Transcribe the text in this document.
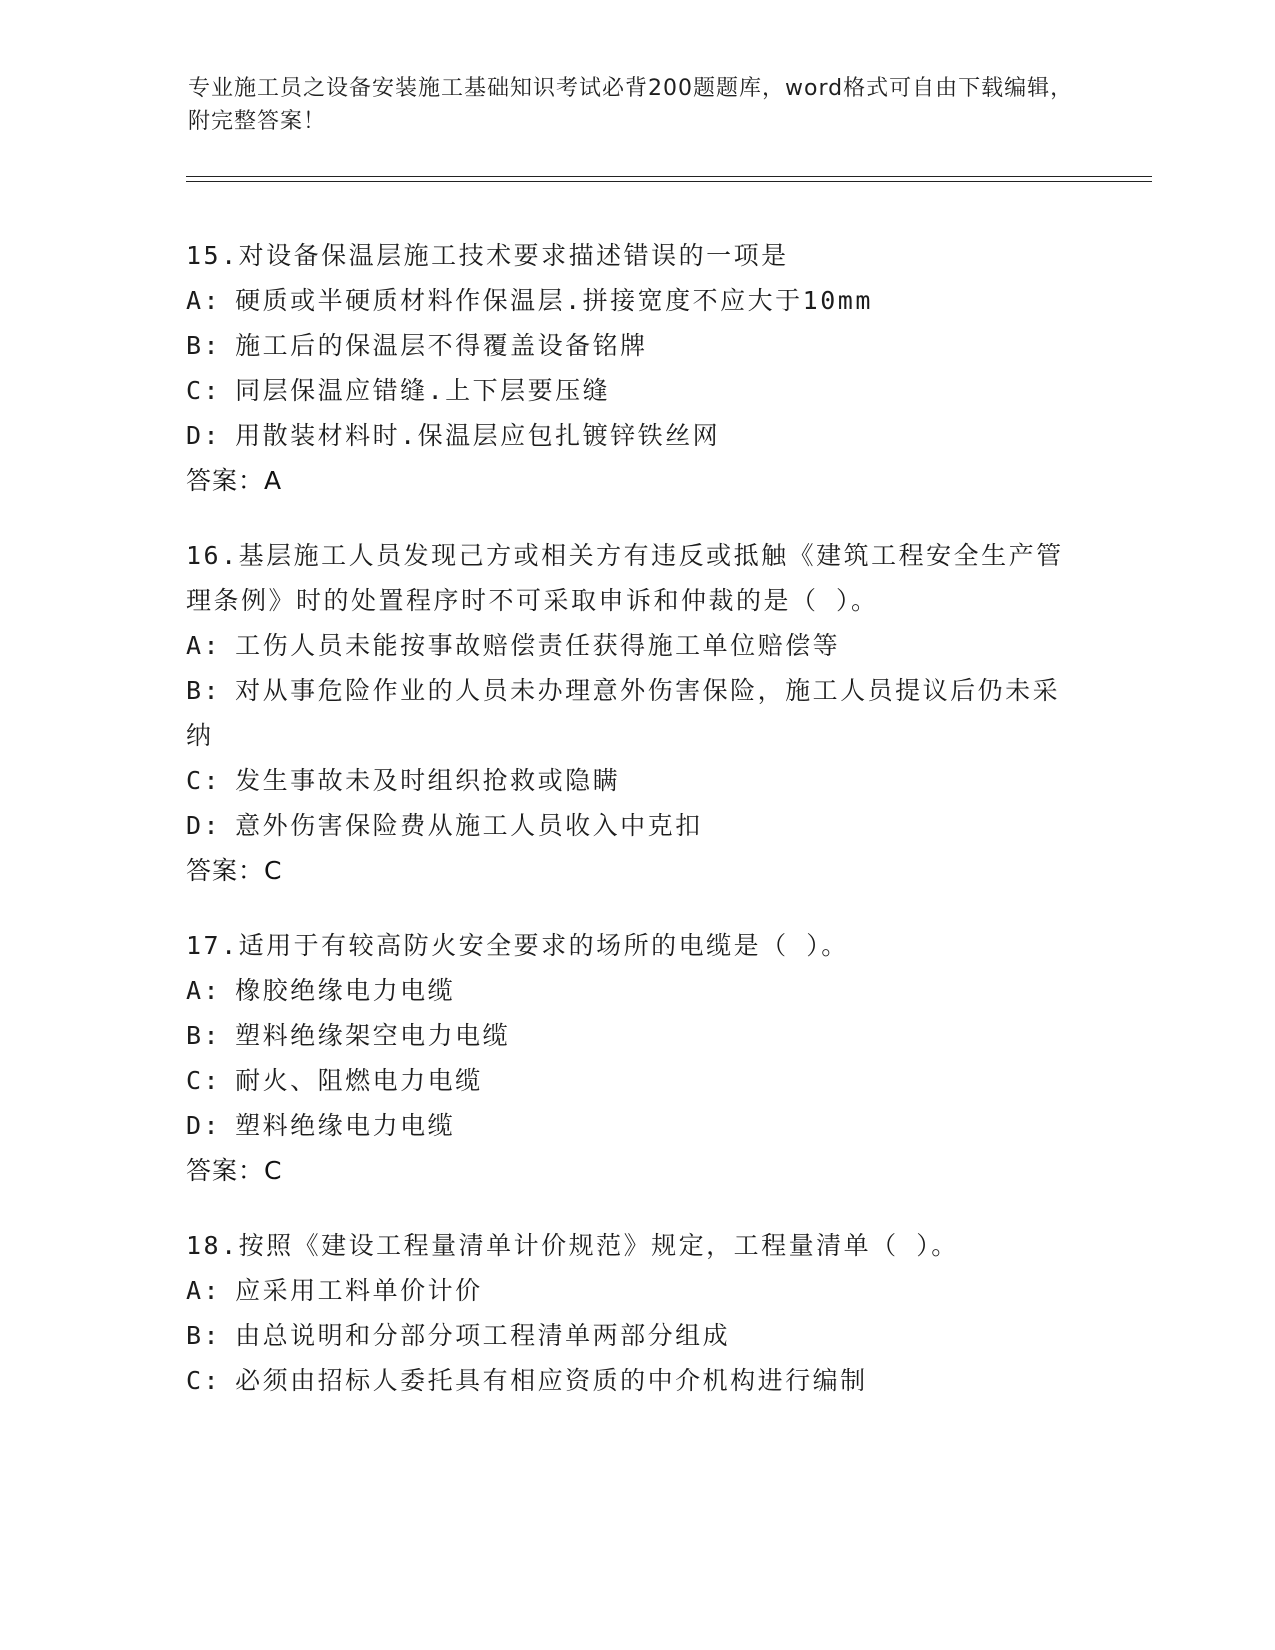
专业施工员之设备安装施工基础知识考试必背200题题库，word格式可自由下载编辑，附完整答案！
15.对设备保温层施工技术要求描述错误的一项是
A: 硬质或半硬质材料作保温层.拼接宽度不应大于10mm
B: 施工后的保温层不得覆盖设备铭牌
C: 同层保温应错缝.上下层要压缝
D: 用散装材料时.保温层应包扎镀锌铁丝网
答案：A
16.基层施工人员发现己方或相关方有违反或抵触《建筑工程安全生产管理条例》时的处置程序时不可采取申诉和仲裁的是（ ）。
A: 工伤人员未能按事故赔偿责任获得施工单位赔偿等
B: 对从事危险作业的人员未办理意外伤害保险，施工人员提议后仍未采纳
C: 发生事故未及时组织抢救或隐瞒
D: 意外伤害保险费从施工人员收入中克扣
答案：C
17.适用于有较高防火安全要求的场所的电缆是（ ）。
A: 橡胶绝缘电力电缆
B: 塑料绝缘架空电力电缆
C: 耐火、阻燃电力电缆
D: 塑料绝缘电力电缆
答案：C
18.按照《建设工程量清单计价规范》规定，工程量清单（ ）。
A: 应采用工料单价计价
B: 由总说明和分部分项工程清单两部分组成
C: 必须由招标人委托具有相应资质的中介机构进行编制
